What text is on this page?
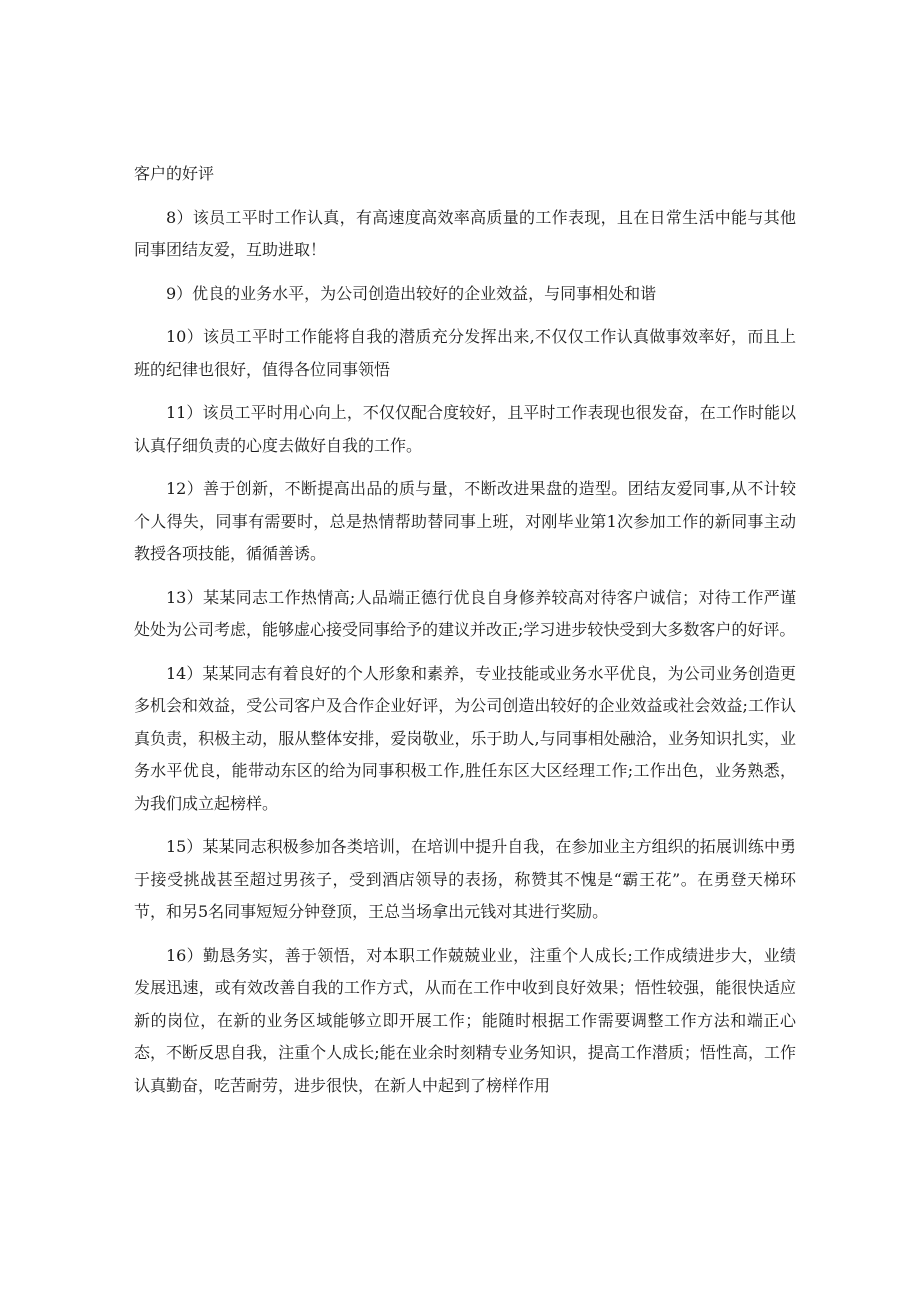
客户的好评

8）该员工平时工作认真，有高速度高效率高质量的工作表现，且在日常生活中能与其他同事团结友爱，互助进取！

9）优良的业务水平，为公司创造出较好的企业效益，与同事相处和谐

10）该员工平时工作能将自我的潜质充分发挥出来,不仅仅工作认真做事效率好，而且上班的纪律也很好，值得各位同事领悟

11）该员工平时用心向上，不仅仅配合度较好，且平时工作表现也很发奋，在工作时能以认真仔细负责的心度去做好自我的工作。

12）善于创新，不断提高出品的质与量，不断改进果盘的造型。团结友爱同事,从不计较个人得失，同事有需要时，总是热情帮助替同事上班，对刚毕业第1次参加工作的新同事主动教授各项技能，循循善诱。

13）某某同志工作热情高;人品端正德行优良自身修养较高对待客户诚信；对待工作严谨处处为公司考虑，能够虚心接受同事给予的建议并改正;学习进步较快受到大多数客户的好评。

14）某某同志有着良好的个人形象和素养，专业技能或业务水平优良，为公司业务创造更多机会和效益，受公司客户及合作企业好评，为公司创造出较好的企业效益或社会效益;工作认真负责，积极主动，服从整体安排，爱岗敬业，乐于助人,与同事相处融洽，业务知识扎实，业务水平优良，能带动东区的给为同事积极工作,胜任东区大区经理工作;工作出色，业务熟悉，为我们成立起榜样。

15）某某同志积极参加各类培训，在培训中提升自我，在参加业主方组织的拓展训练中勇于接受挑战甚至超过男孩子，受到酒店领导的表扬，称赞其不愧是“霸王花”。在勇登天梯环节，和另5名同事短短分钟登顶，王总当场拿出元钱对其进行奖励。

16）勤恳务实，善于领悟，对本职工作兢兢业业，注重个人成长;工作成绩进步大，业绩发展迅速，或有效改善自我的工作方式，从而在工作中收到良好效果；悟性较强，能很快适应新的岗位，在新的业务区域能够立即开展工作；能随时根据工作需要调整工作方法和端正心态，不断反思自我，注重个人成长;能在业余时刻精专业务知识，提高工作潜质；悟性高，工作认真勤奋，吃苦耐劳，进步很快，在新人中起到了榜样作用
